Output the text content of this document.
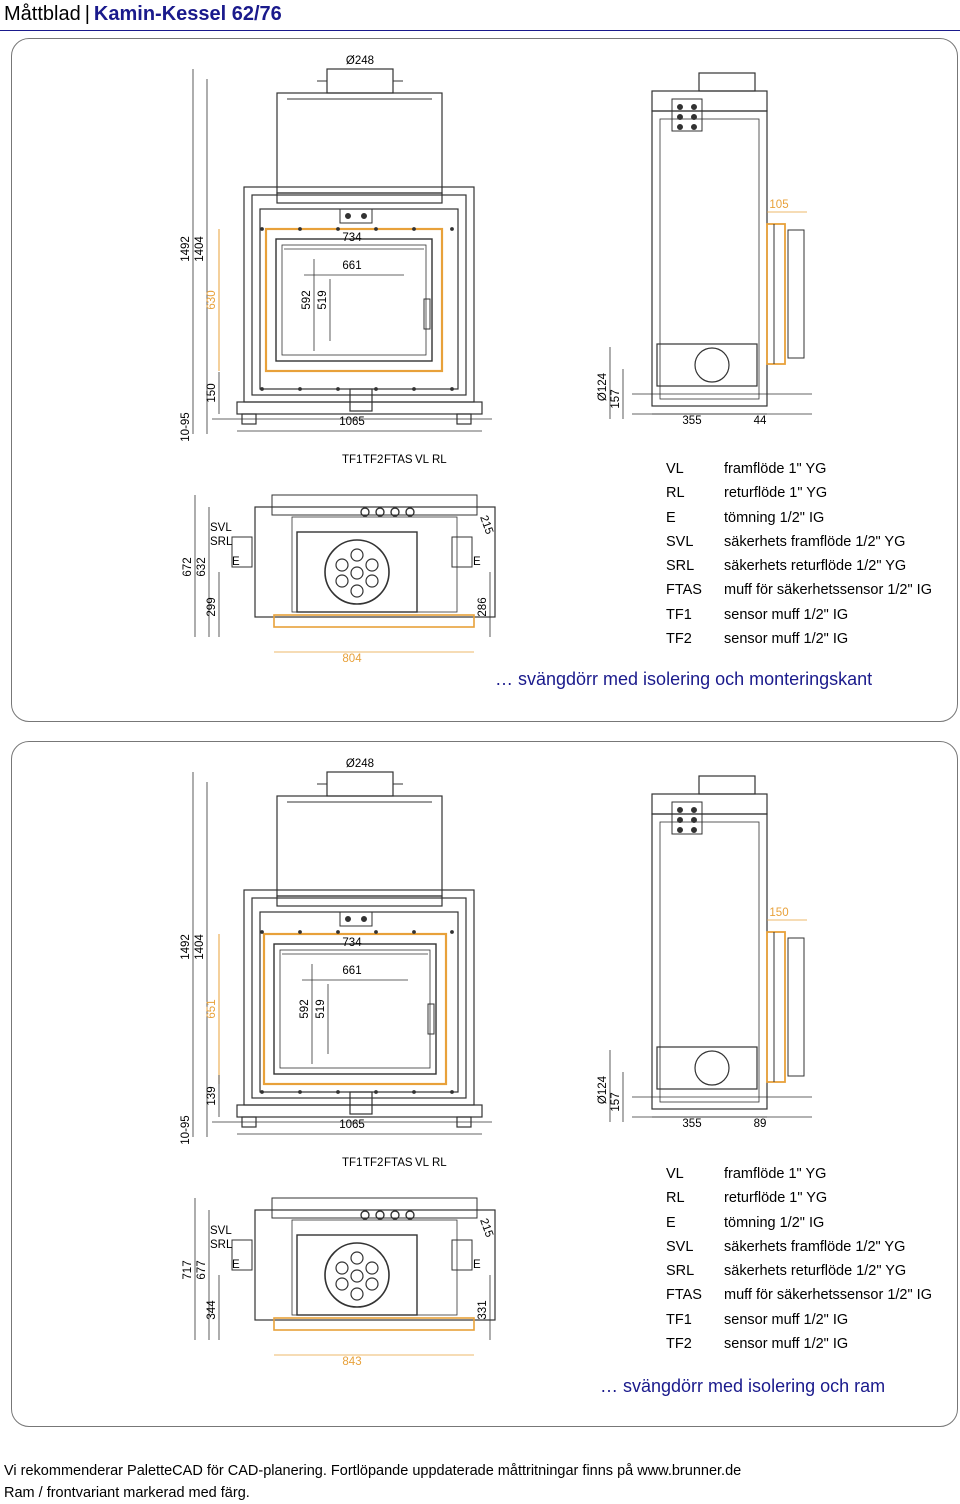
Måttblad | Kamin-Kessel 62/76
Ø248
734
661
592 519
1492 1404
630
150
10-95	1065
Ø124 157
355	44
105
TF1 TF2 FTAS VL RL
SVL
SRL
E	E
672 632
299	286
215
804
VL	framflöde 1" YG
RL	returflöde 1" YG
E	tömning 1/2" IG
SVL säkerhets framflöde 1/2" YG
SRL säkerhets returflöde 1/2" YG
FTAS muff för säkerhetssensor 1/2" IG
TF1 sensor muff 1/2" IG
TF2 sensor muff 1/2" IG
… svängdörr med isolering och monteringskant
Ø248
734
661
592 519
1492 1404
651
139
10-95	1065
Ø124 157
355	89
150
TF1 TF2 FTAS VL RL
SVL
SRL
E	E
717 677
344	331
215
843
VL	framflöde 1" YG
RL	returflöde 1" YG
E	tömning 1/2" IG
SVL säkerhets framflöde 1/2" YG
SRL säkerhets returflöde 1/2" YG
FTAS muff för säkerhetssensor 1/2" IG
TF1 sensor muff 1/2" IG
TF2 sensor muff 1/2" IG
… svängdörr med isolering och ram
Vi rekommenderar PaletteCAD för CAD-planering. Fortlöpande uppdaterade måttritningar finns på www.brunner.de
Ram / frontvariant markerad med färg.
